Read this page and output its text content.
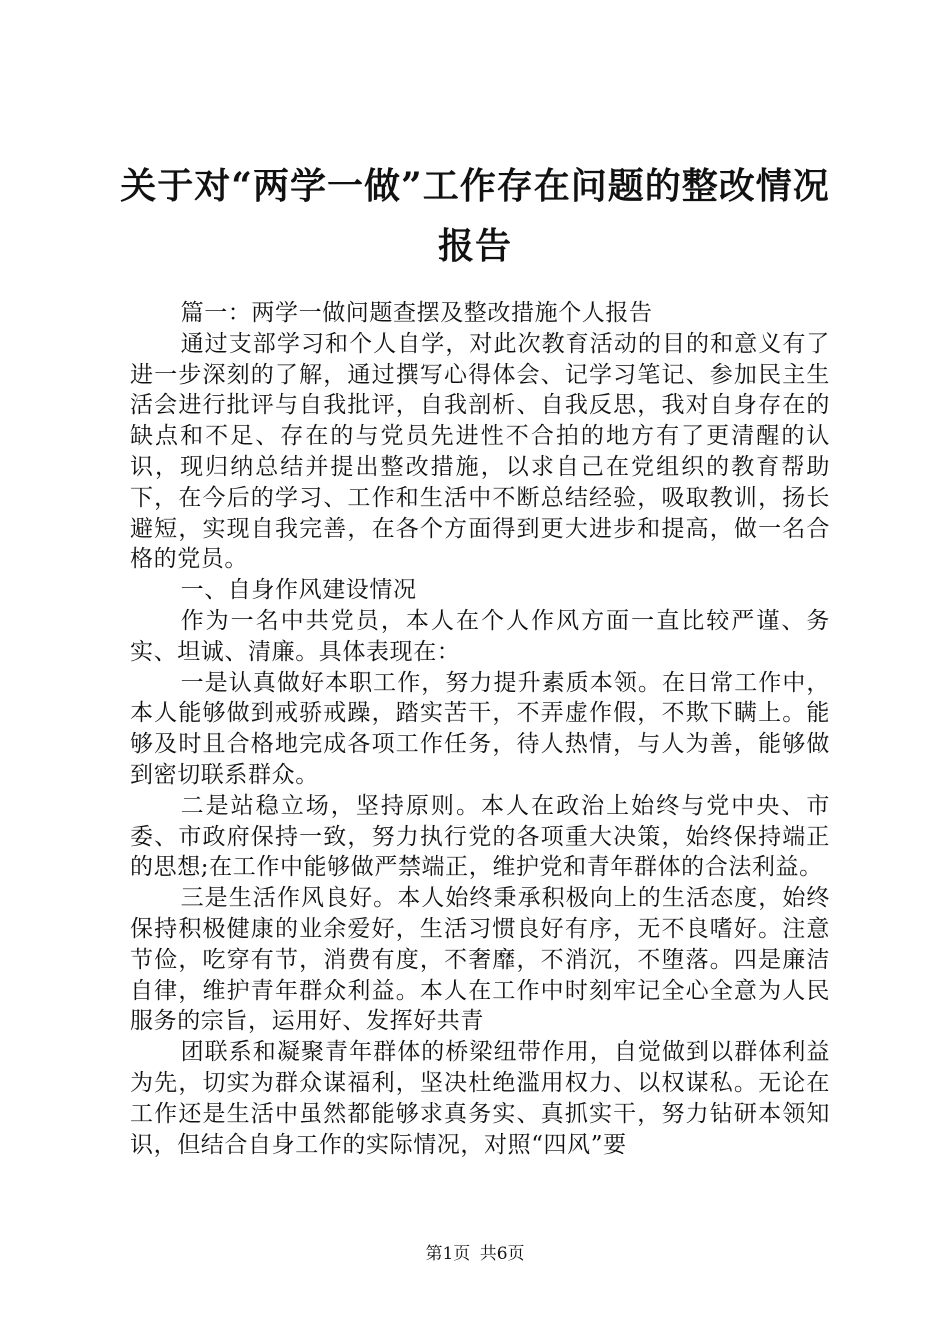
关于对“两学一做”工作存在问题的整改情况
报告

篇一：两学一做问题查摆及整改措施个人报告

通过支部学习和个人自学，对此次教育活动的目的和意义有了进一步深刻的了解，通过撰写心得体会、记学习笔记、参加民主生活会进行批评与自我批评，自我剖析、自我反思，我对自身存在的缺点和不足、存在的与党员先进性不合拍的地方有了更清醒的认识，现归纳总结并提出整改措施，以求自己在党组织的教育帮助下，在今后的学习、工作和生活中不断总结经验，吸取教训，扬长避短，实现自我完善，在各个方面得到更大进步和提高，做一名合格的党员。

一、自身作风建设情况

作为一名中共党员，本人在个人作风方面一直比较严谨、务实、坦诚、清廉。具体表现在：

一是认真做好本职工作，努力提升素质本领。在日常工作中，本人能够做到戒骄戒躁，踏实苦干，不弄虚作假，不欺下瞒上。能够及时且合格地完成各项工作任务，待人热情，与人为善，能够做到密切联系群众。

二是站稳立场，坚持原则。本人在政治上始终与党中央、市委、市政府保持一致，努力执行党的各项重大决策，始终保持端正的思想;在工作中能够做严禁端正，维护党和青年群体的合法利益。

三是生活作风良好。本人始终秉承积极向上的生活态度，始终保持积极健康的业余爱好，生活习惯良好有序，无不良嗜好。注意节俭，吃穿有节，消费有度，不奢靡，不消沉，不堕落。四是廉洁自律，维护青年群众利益。本人在工作中时刻牢记全心全意为人民服务的宗旨，运用好、发挥好共青

团联系和凝聚青年群体的桥梁纽带作用，自觉做到以群体利益为先，切实为群众谋福利，坚决杜绝滥用权力、以权谋私。无论在工作还是生活中虽然都能够求真务实、真抓实干，努力钻研本领知识，但结合自身工作的实际情况，对照“四风”要

第1页 共6页
